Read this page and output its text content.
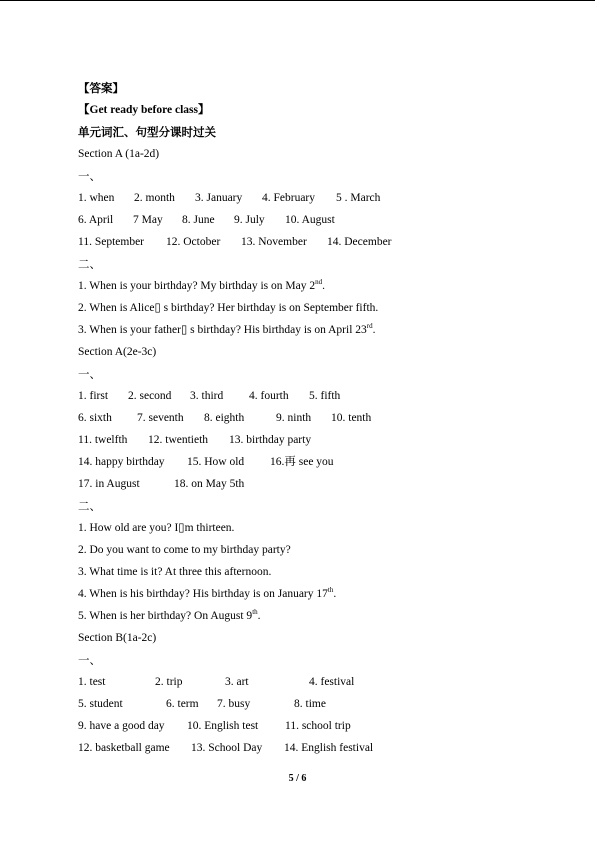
【答案】
【Get ready before class】
单元词汇、句型分课时过关
Section A (1a-2d)
一、
1. when 2. month 3. January 4. February 5 . March
6. April 7 May 8. June 9. July 10. August
11. September 12. October 13. November 14. December
二、
1. When is your birthday? My birthday is on May 2nd.
2. When is Alice▯ s birthday? Her birthday is on September fifth.
3. When is your father▯ s birthday? His birthday is on April 23rd.
Section A(2e-3c)
一、
1. first 2. second 3. third 4. fourth 5. fifth
6. sixth 7. seventh 8. eighth	9. ninth 10. tenth
11. twelfth 12. twentieth 13. birthday party
14. happy birthday 15. How old 16.再 see you
17. in August	18. on May 5th
二、
1. How old are you? I▯m thirteen.
2. Do you want to come to my birthday party?
3. What time is it? At three this afternoon.
4. When is his birthday? His birthday is on January 17th.
5. When is her birthday? On August 9th.
Section B(1a-2c)
一、
1. test	2. trip	3. art	4. festival
5. student	6. term 7. busy	8. time
9. have a good day 10. English test 11. school trip
12. basketball game 13. School Day 14. English festival
5 / 6
